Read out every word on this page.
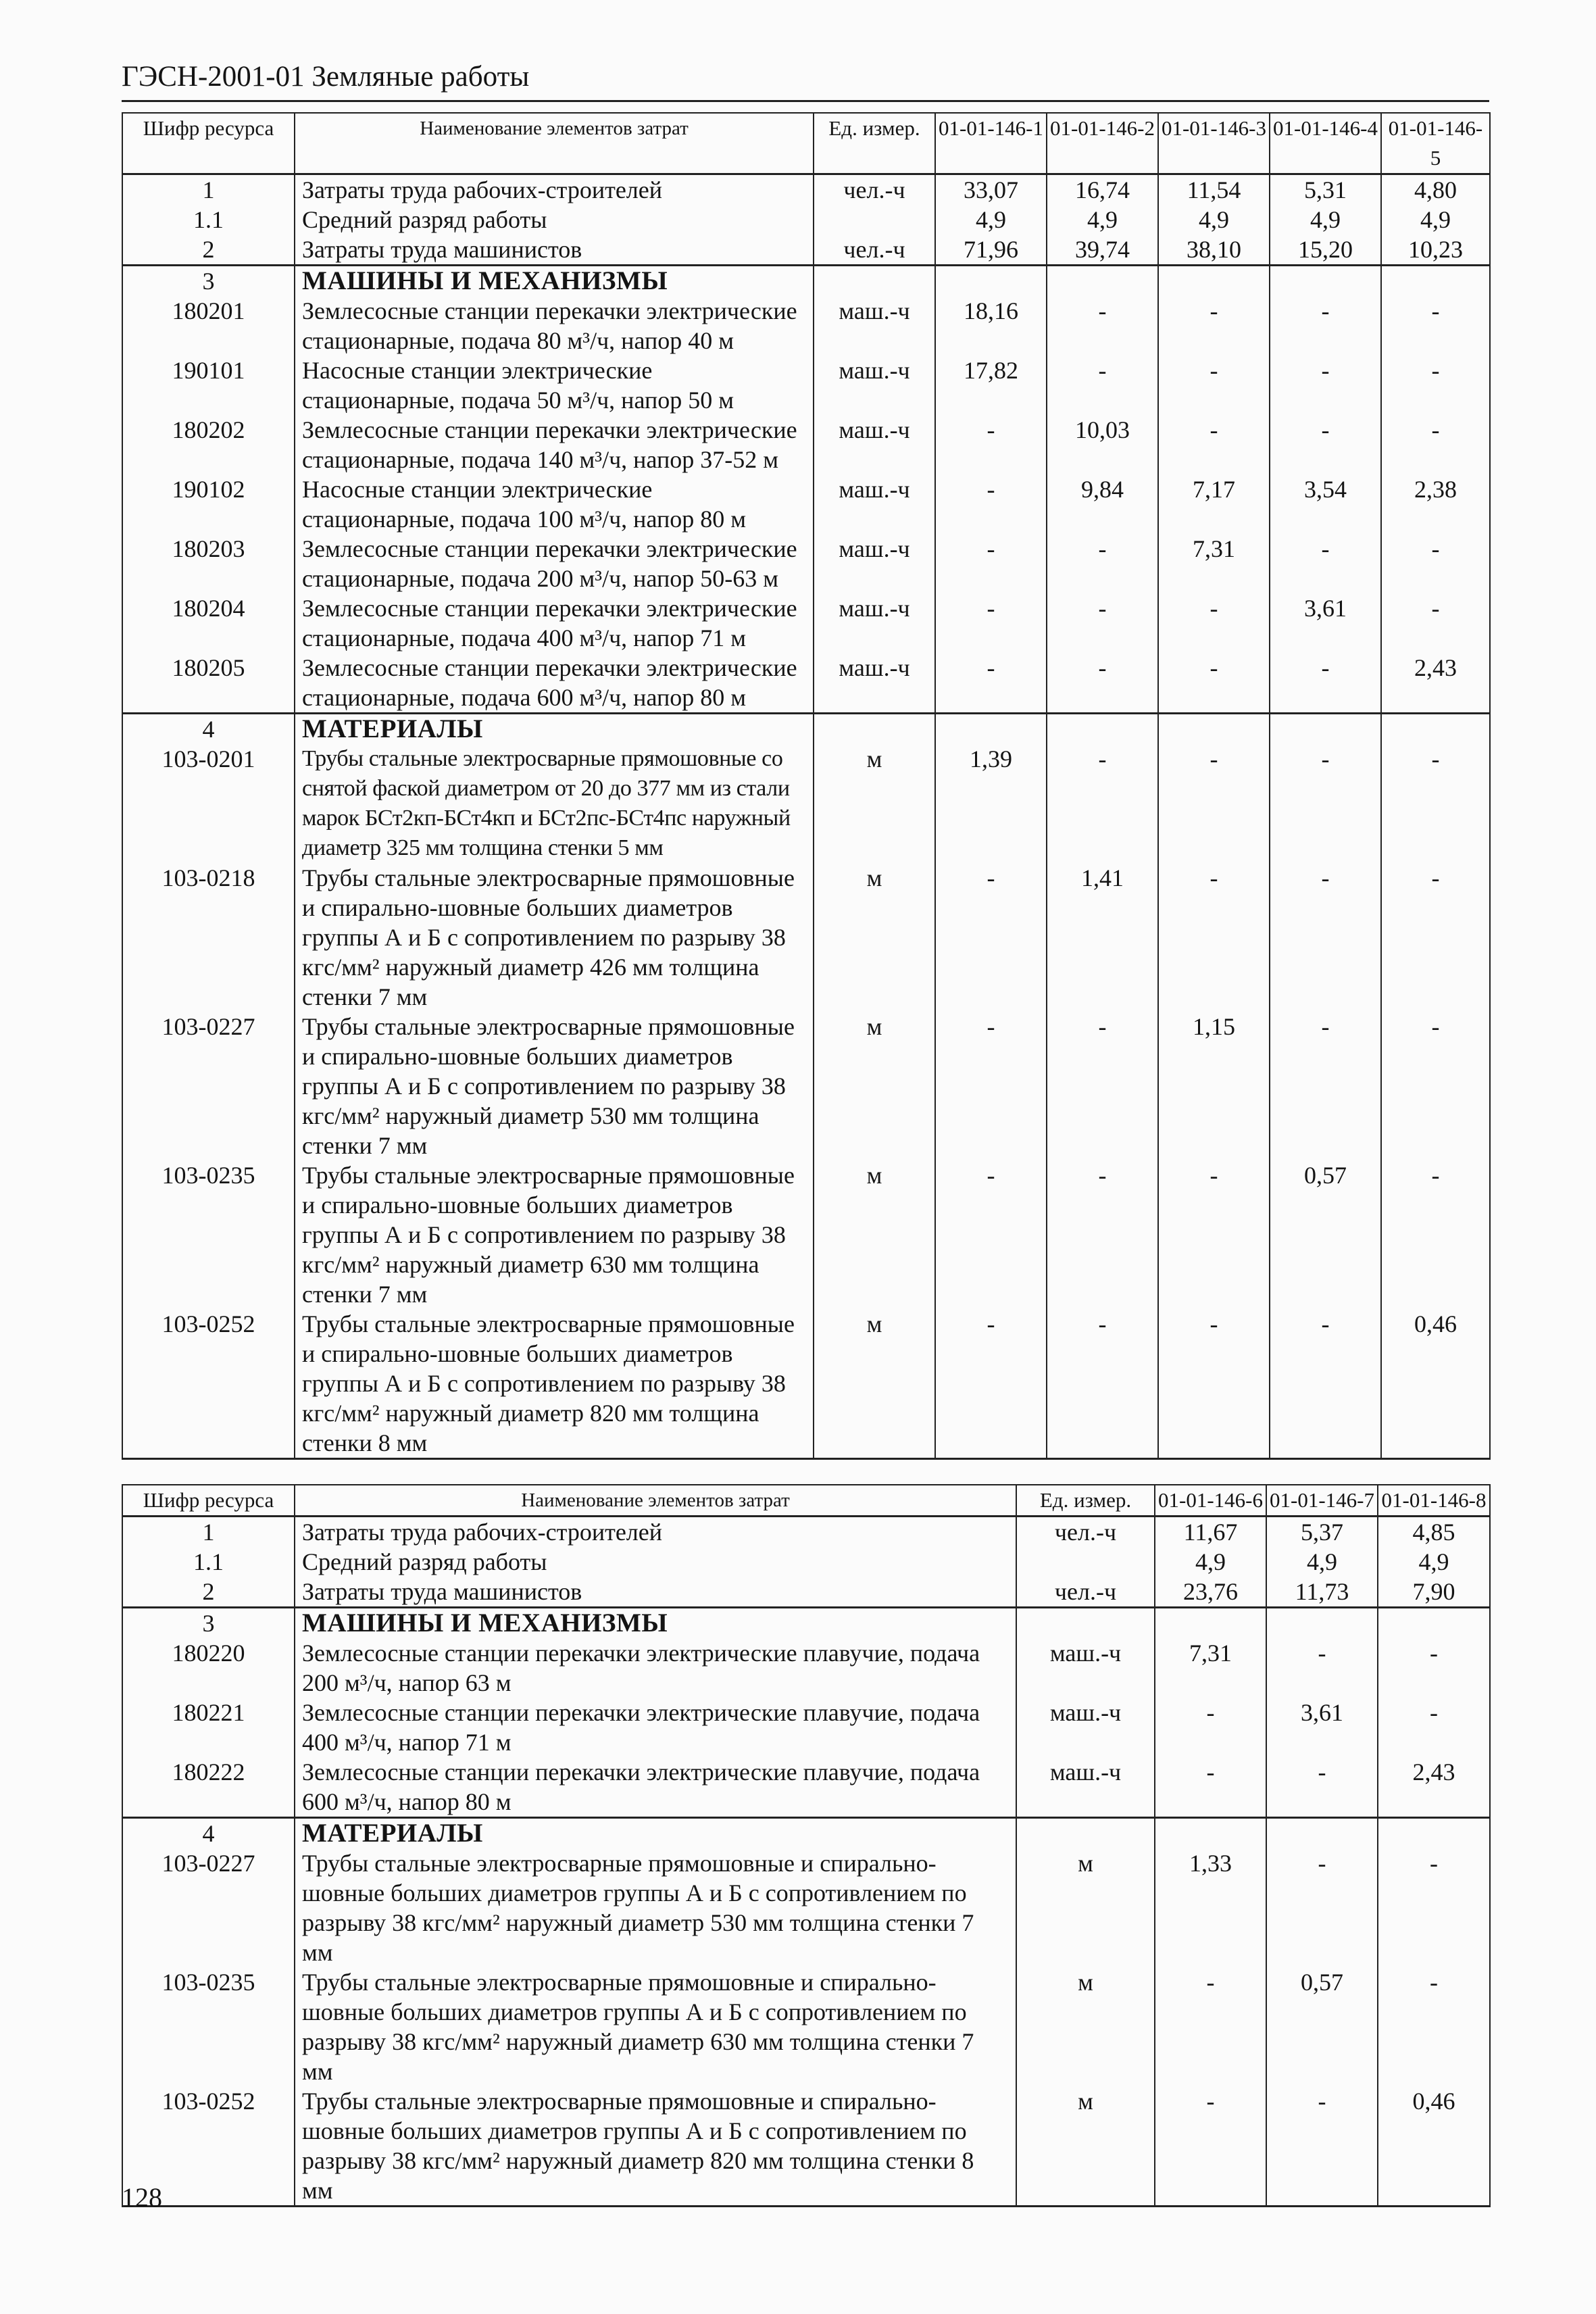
ГЭСН-2001-01 Земляные работы
Шифр ресурса	Наименование элементов затрат	Ед. измер.	01-01-146-1	01-01-146-2	01-01-146-3	01-01-146-4	01-01-146-5
1	Затраты труда рабочих-строителей	чел.-ч	33,07	16,74	11,54	5,31	4,80
1.1	Средний разряд работы		4,9	4,9	4,9	4,9	4,9
2	Затраты труда машинистов	чел.-ч	71,96	39,74	38,10	15,20	10,23
3	МАШИНЫ И МЕХАНИЗМЫ						
180201	Землесосные станции перекачки электрические стационарные, подача 80 м³/ч, напор 40 м	маш.-ч	18,16	-	-	-	-
190101	Насосные станции электрические стационарные, подача 50 м³/ч, напор 50 м	маш.-ч	17,82	-	-	-	-
180202	Землесосные станции перекачки электрические стационарные, подача 140 м³/ч, напор 37-52 м	маш.-ч	-	10,03	-	-	-
190102	Насосные станции электрические стационарные, подача 100 м³/ч, напор 80 м	маш.-ч	-	9,84	7,17	3,54	2,38
180203	Землесосные станции перекачки электрические стационарные, подача 200 м³/ч, напор 50-63 м	маш.-ч	-	-	7,31	-	-
180204	Землесосные станции перекачки электрические стационарные, подача 400 м³/ч, напор 71 м	маш.-ч	-	-	-	3,61	-
180205	Землесосные станции перекачки электрические стационарные, подача 600 м³/ч, напор 80 м	маш.-ч	-	-	-	-	2,43
4	МАТЕРИАЛЫ						
103-0201	Трубы стальные электросварные прямошовные со снятой фаской диаметром от 20 до 377 мм из стали марок БСт2кп-БСт4кп и БСт2пс-БСт4пс наружный диаметр 325 мм толщина стенки 5 мм	м	1,39	-	-	-	-
103-0218	Трубы стальные электросварные прямошовные и спирально-шовные больших диаметров группы А и Б с сопротивлением по разрыву 38 кгс/мм² наружный диаметр 426 мм толщина стенки 7 мм	м	-	1,41	-	-	-
103-0227	Трубы стальные электросварные прямошовные и спирально-шовные больших диаметров группы А и Б с сопротивлением по разрыву 38 кгс/мм² наружный диаметр 530 мм толщина стенки 7 мм	м	-	-	1,15	-	-
103-0235	Трубы стальные электросварные прямошовные и спирально-шовные больших диаметров группы А и Б с сопротивлением по разрыву 38 кгс/мм² наружный диаметр 630 мм толщина стенки 7 мм	м	-	-	-	0,57	-
103-0252	Трубы стальные электросварные прямошовные и спирально-шовные больших диаметров группы А и Б с сопротивлением по разрыву 38 кгс/мм² наружный диаметр 820 мм толщина стенки 8 мм	м	-	-	-	-	0,46
Шифр ресурса	Наименование элементов затрат	Ед. измер.	01-01-146-6	01-01-146-7	01-01-146-8
1	Затраты труда рабочих-строителей	чел.-ч	11,67	5,37	4,85
1.1	Средний разряд работы		4,9	4,9	4,9
2	Затраты труда машинистов	чел.-ч	23,76	11,73	7,90
3	МАШИНЫ И МЕХАНИЗМЫ				
180220	Землесосные станции перекачки электрические плавучие, подача 200 м³/ч, напор 63 м	маш.-ч	7,31	-	-
180221	Землесосные станции перекачки электрические плавучие, подача 400 м³/ч, напор 71 м	маш.-ч	-	3,61	-
180222	Землесосные станции перекачки электрические плавучие, подача 600 м³/ч, напор 80 м	маш.-ч	-	-	2,43
4	МАТЕРИАЛЫ				
103-0227	Трубы стальные электросварные прямошовные и спирально-шовные больших диаметров группы А и Б с сопротивлением по разрыву 38 кгс/мм² наружный диаметр 530 мм толщина стенки 7 мм	м	1,33	-	-
103-0235	Трубы стальные электросварные прямошовные и спирально-шовные больших диаметров группы А и Б с сопротивлением по разрыву 38 кгс/мм² наружный диаметр 630 мм толщина стенки 7 мм	м	-	0,57	-
103-0252	Трубы стальные электросварные прямошовные и спирально-шовные больших диаметров группы А и Б с сопротивлением по разрыву 38 кгс/мм² наружный диаметр 820 мм толщина стенки 8 мм	м	-	-	0,46
128
